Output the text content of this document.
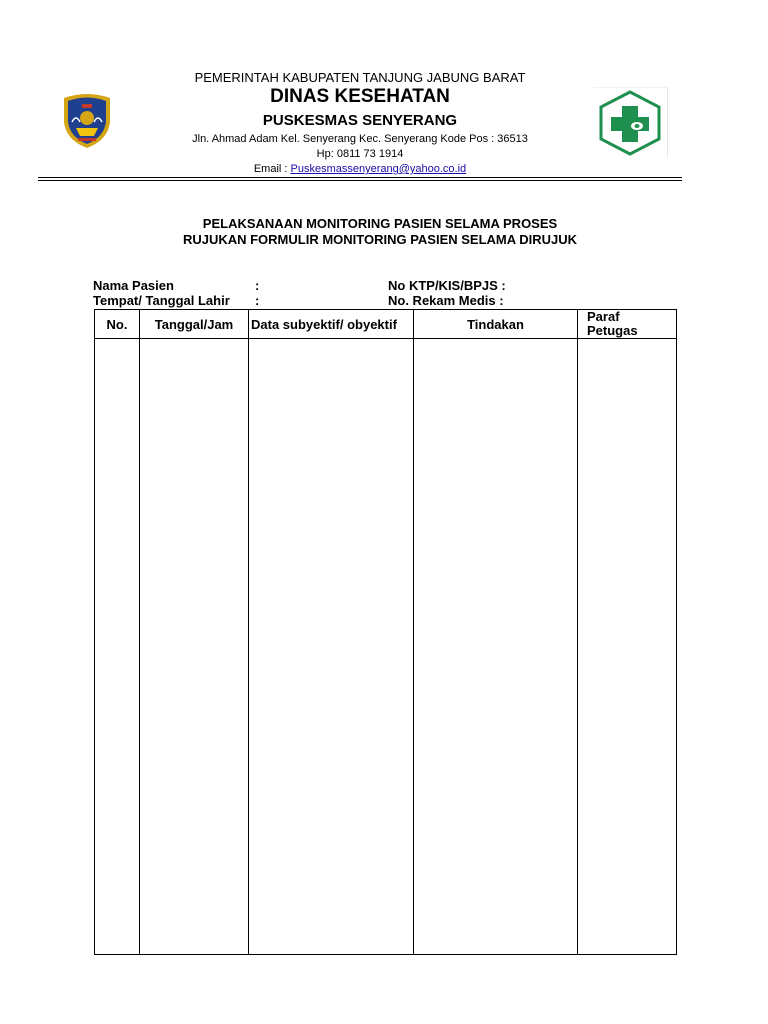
PEMERINTAH KABUPATEN TANJUNG JABUNG BARAT
DINAS KESEHATAN
PUSKESMAS SENYERANG
Jln. Ahmad Adam Kel. Senyerang Kec. Senyerang Kode Pos : 36513
Hp: 0811 73 1914
Email : Puskesmassenyerang@yahoo.co.id
PELAKSANAAN MONITORING PASIEN SELAMA PROSES
RUJUKAN FORMULIR MONITORING PASIEN SELAMA DIRUJUK
Nama Pasien	:
Tempat/ Tanggal Lahir :
No KTP/KIS/BPJS :
No. Rekam Medis :
No.	Tanggal/Jam	Data subyektif/ obyektif	Tindakan	Paraf
Petugas
